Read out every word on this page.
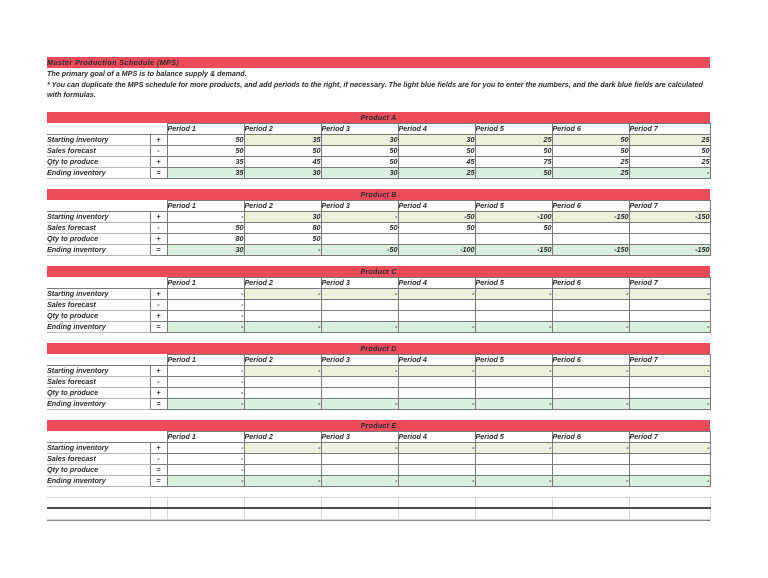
Master Production Schedule (MPS)								
The primary goal of a MPS is to balance supply & demand.								
* You can duplicate the MPS schedule for more products, and add periods to the right, if necessary. The light blue fields are for you to enter the numbers, and the dark blue fields are calculated with formulas.								

Product A								
		Period 1	Period 2	Period 3	Period 4	Period 5	Period 6	Period 7
Starting inventory	+	50	35	30	30	25	50	25
Sales forecast	-	50	50	50	50	50	50	50
Qty to produce	+	35	45	50	45	75	25	25
Ending inventory	=	35	30	30	25	50	25	-

Product B								
		Period 1	Period 2	Period 3	Period 4	Period 5	Period 6	Period 7
Starting inventory	+	-	30	-	-50	-100	-150	-150
Sales forecast	-	50	80	50	50	50		
Qty to produce	+	80	50					
Ending inventory	=	30	-	-50	-100	-150	-150	-150

Product C								
		Period 1	Period 2	Period 3	Period 4	Period 5	Period 6	Period 7
Starting inventory	+	-	-	-	-	-	-	-
Sales forecast	-	-						
Qty to produce	+	-						
Ending inventory	=	-	-	-	-	-	-	-

Product D								
		Period 1	Period 2	Period 3	Period 4	Period 5	Period 6	Period 7
Starting inventory	+	-	-	-	-	-	-	-
Sales forecast	-	-						
Qty to produce	+	-						
Ending inventory	=	-	-	-	-	-	-	-

Product E								
		Period 1	Period 2	Period 3	Period 4	Period 5	Period 6	Period 7
Starting inventory	+	-	-	-	-	-	-	-
Sales forecast	-	-						
Qty to produce	=	-						
Ending inventory	=	-	-	-	-	-	-	-
